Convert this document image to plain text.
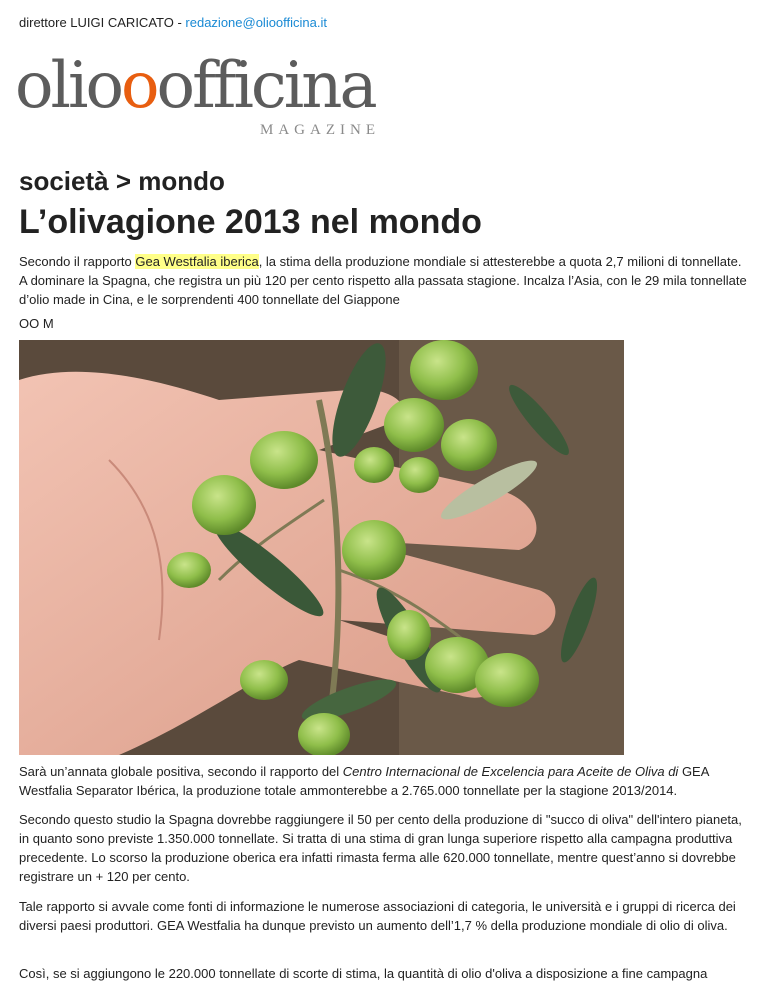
direttore LUIGI CARICATO - redazione@olioofficina.it
oliooofficina
MAGAZINE
società > mondo
L’olivagione 2013 nel mondo

Secondo il rapporto Gea Westfalia iberica, la stima della produzione mondiale si attesterebbe a quota 2,7 milioni di tonnellate. A dominare la Spagna, che registra un più 120 per cento rispetto alla passata stagione. Incalza l’Asia, con le 29 mila tonnellate d’olio made in Cina, e le sorprendenti 400 tonnellate del Giappone

OO M

Sarà un’annata globale positiva, secondo il rapporto del Centro Internacional de Excelencia para Aceite de Oliva di GEA Westfalia Separator Ibérica, la produzione totale ammonterebbe a 2.765.000 tonnellate per la stagione 2013/2014.

Secondo questo studio la Spagna dovrebbe raggiungere il 50 per cento della produzione di "succo di oliva" dell'intero pianeta, in quanto sono previste 1.350.000 tonnellate. Si tratta di una stima di gran lunga superiore rispetto alla campagna produttiva precedente. Lo scorso la produzione oberica era infatti rimasta ferma alle 620.000 tonnellate, mentre quest’anno si dovrebbe registrare un + 120 per cento.

Tale rapporto si avvale come fonti di informazione le numerose associazioni di categoria, le università e i gruppi di ricerca dei diversi paesi produttori. GEA Westfalia ha dunque previsto un aumento dell’1,7 % della produzione mondiale di olio di oliva.

Così, se si aggiungono le 220.000 tonnellate di scorte di stima, la quantità di olio d'oliva a disposizione a fine campagna
